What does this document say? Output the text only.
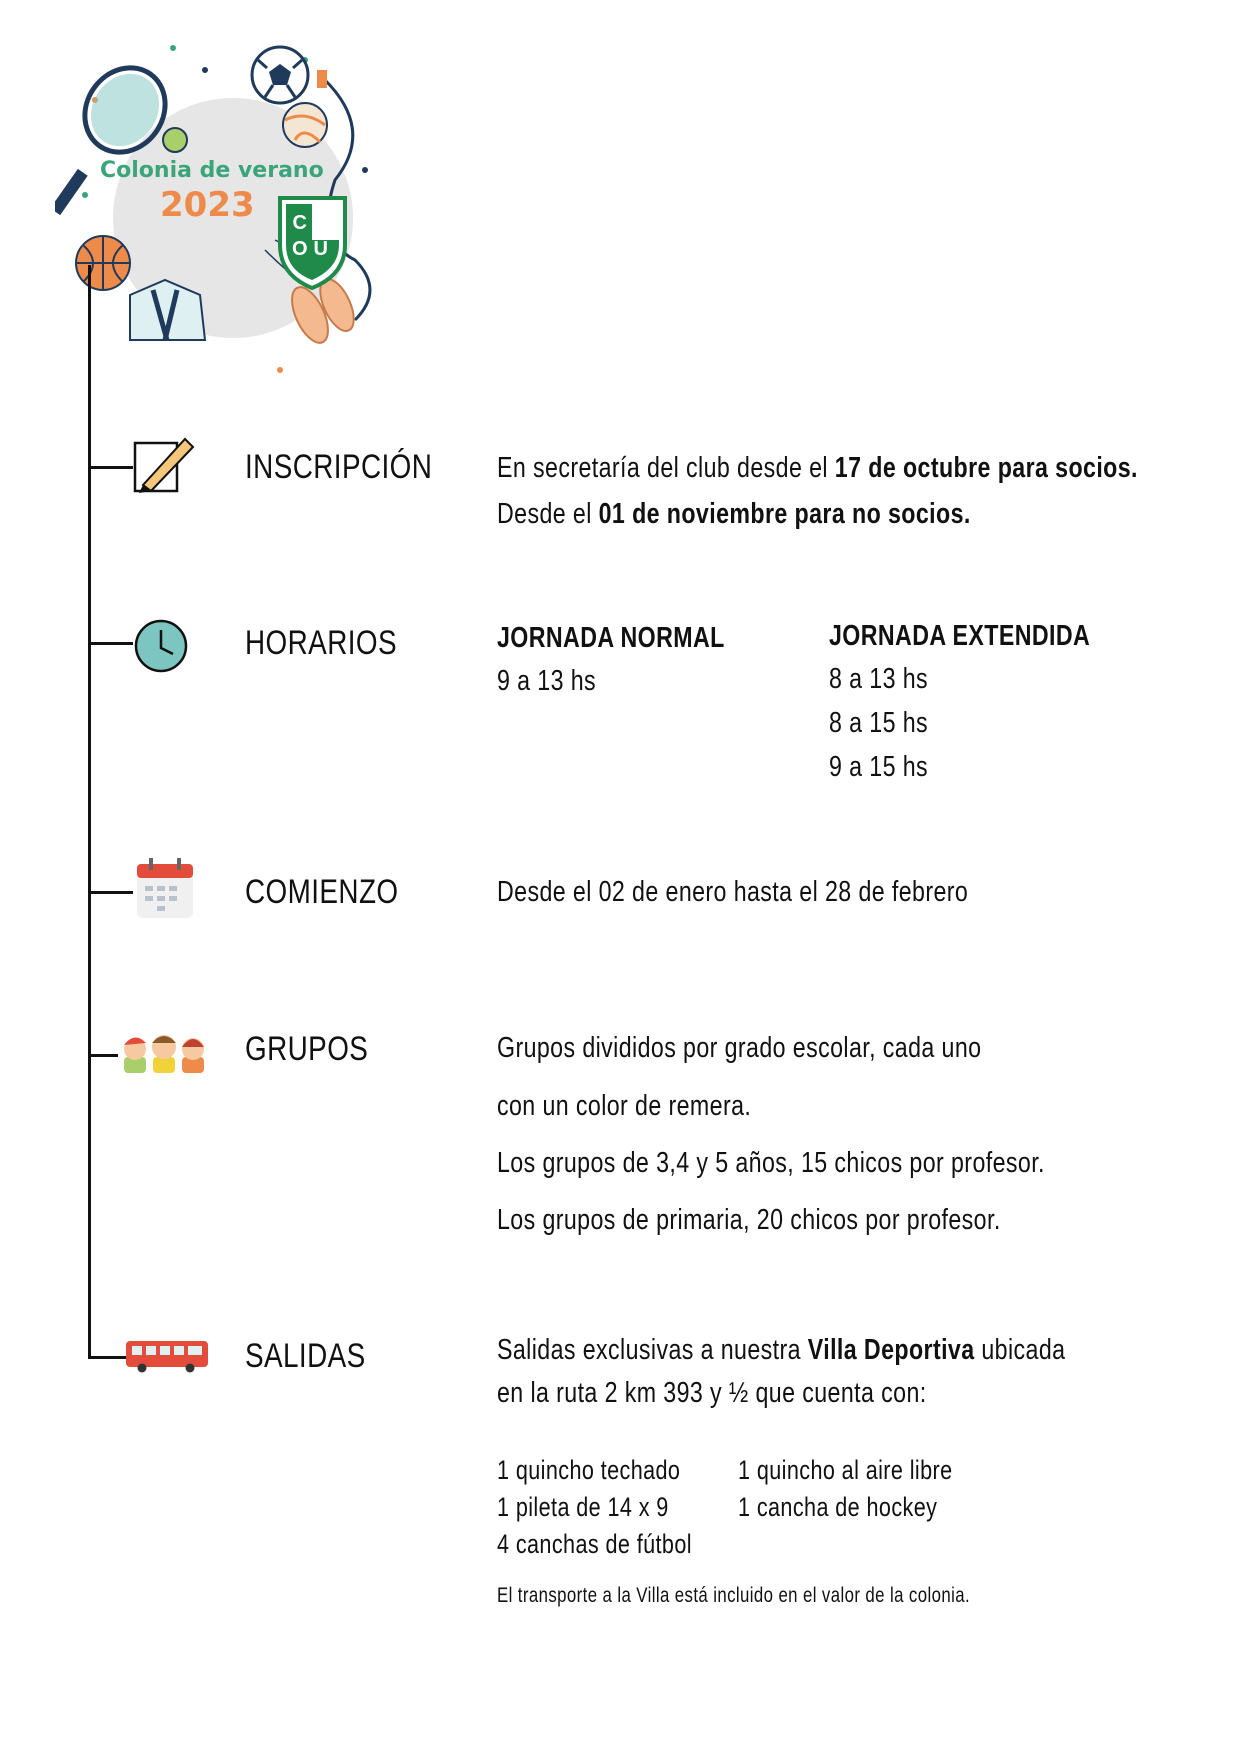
Colonia de verano
2023 CAOU
INSCRIPCIÓN
HORARIOS
COMIENZO
GRUPOS
SALIDAS
En secretaría del club desde el 17 de octubre para socios.
Desde el 01 de noviembre para no socios.
JORNADA NORMAL
9 a 13 hs
JORNADA EXTENDIDA
8 a 13 hs
8 a 15 hs
9 a 15 hs
Desde el 02 de enero hasta el 28 de febrero
Grupos divididos por grado escolar, cada uno
con un color de remera.
Los grupos de 3,4 y 5 años, 15 chicos por profesor.
Los grupos de primaria, 20 chicos por profesor.
Salidas exclusivas a nuestra Villa Deportiva ubicada
en la ruta 2 km 393 y ½ que cuenta con:
1 quincho techado
1 pileta de 14 x 9
4 canchas de fútbol
1 quincho al aire libre
1 cancha de hockey
El transporte a la Villa está incluido en el valor de la colonia.
